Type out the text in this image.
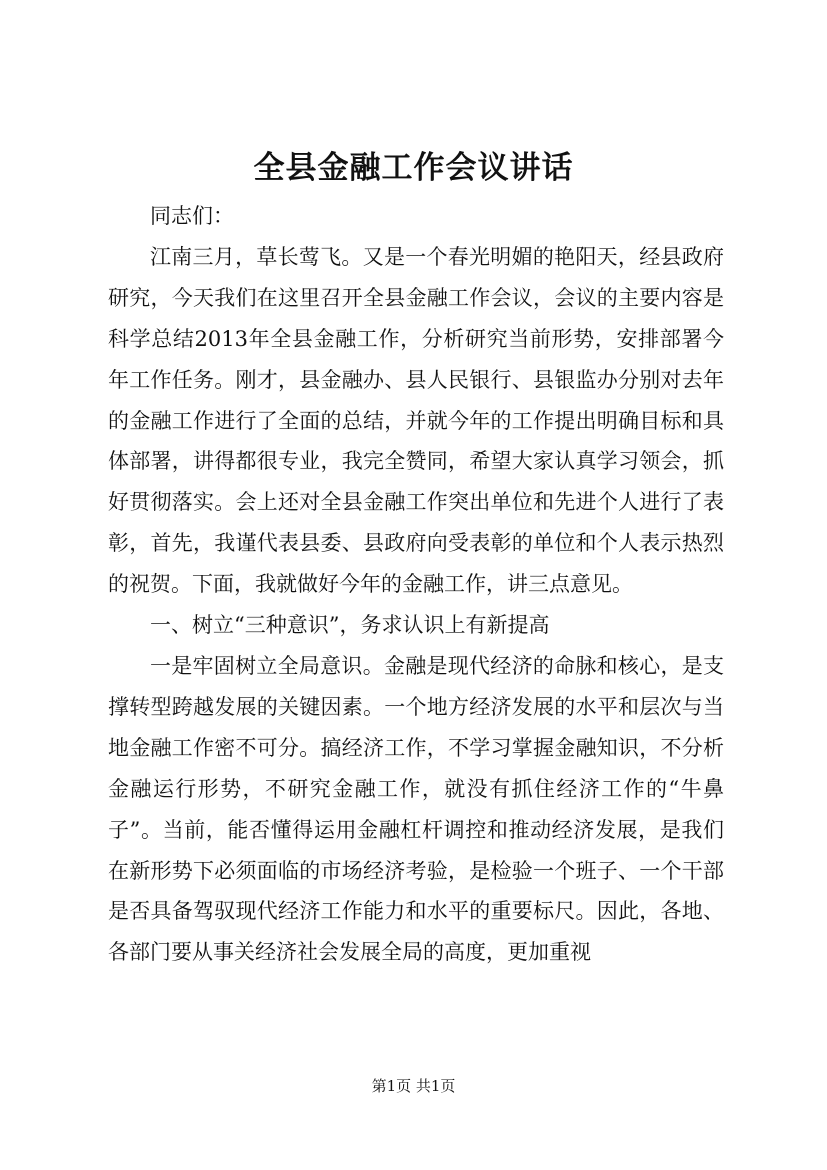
全县金融工作会议讲话

同志们：

江南三月，草长莺飞。又是一个春光明媚的艳阳天，经县政府研究，今天我们在这里召开全县金融工作会议，会议的主要内容是科学总结2013年全县金融工作，分析研究当前形势，安排部署今年工作任务。刚才，县金融办、县人民银行、县银监办分别对去年的金融工作进行了全面的总结，并就今年的工作提出明确目标和具体部署，讲得都很专业，我完全赞同，希望大家认真学习领会，抓好贯彻落实。会上还对全县金融工作突出单位和先进个人进行了表彰，首先，我谨代表县委、县政府向受表彰的单位和个人表示热烈的祝贺。下面，我就做好今年的金融工作，讲三点意见。

一、树立“三种意识”，务求认识上有新提高

一是牢固树立全局意识。金融是现代经济的命脉和核心，是支撑转型跨越发展的关键因素。一个地方经济发展的水平和层次与当地金融工作密不可分。搞经济工作，不学习掌握金融知识，不分析金融运行形势，不研究金融工作，就没有抓住经济工作的“牛鼻子”。当前，能否懂得运用金融杠杆调控和推动经济发展，是我们在新形势下必须面临的市场经济考验，是检验一个班子、一个干部是否具备驾驭现代经济工作能力和水平的重要标尺。因此，各地、各部门要从事关经济社会发展全局的高度，更加重视

第1页 共1页
